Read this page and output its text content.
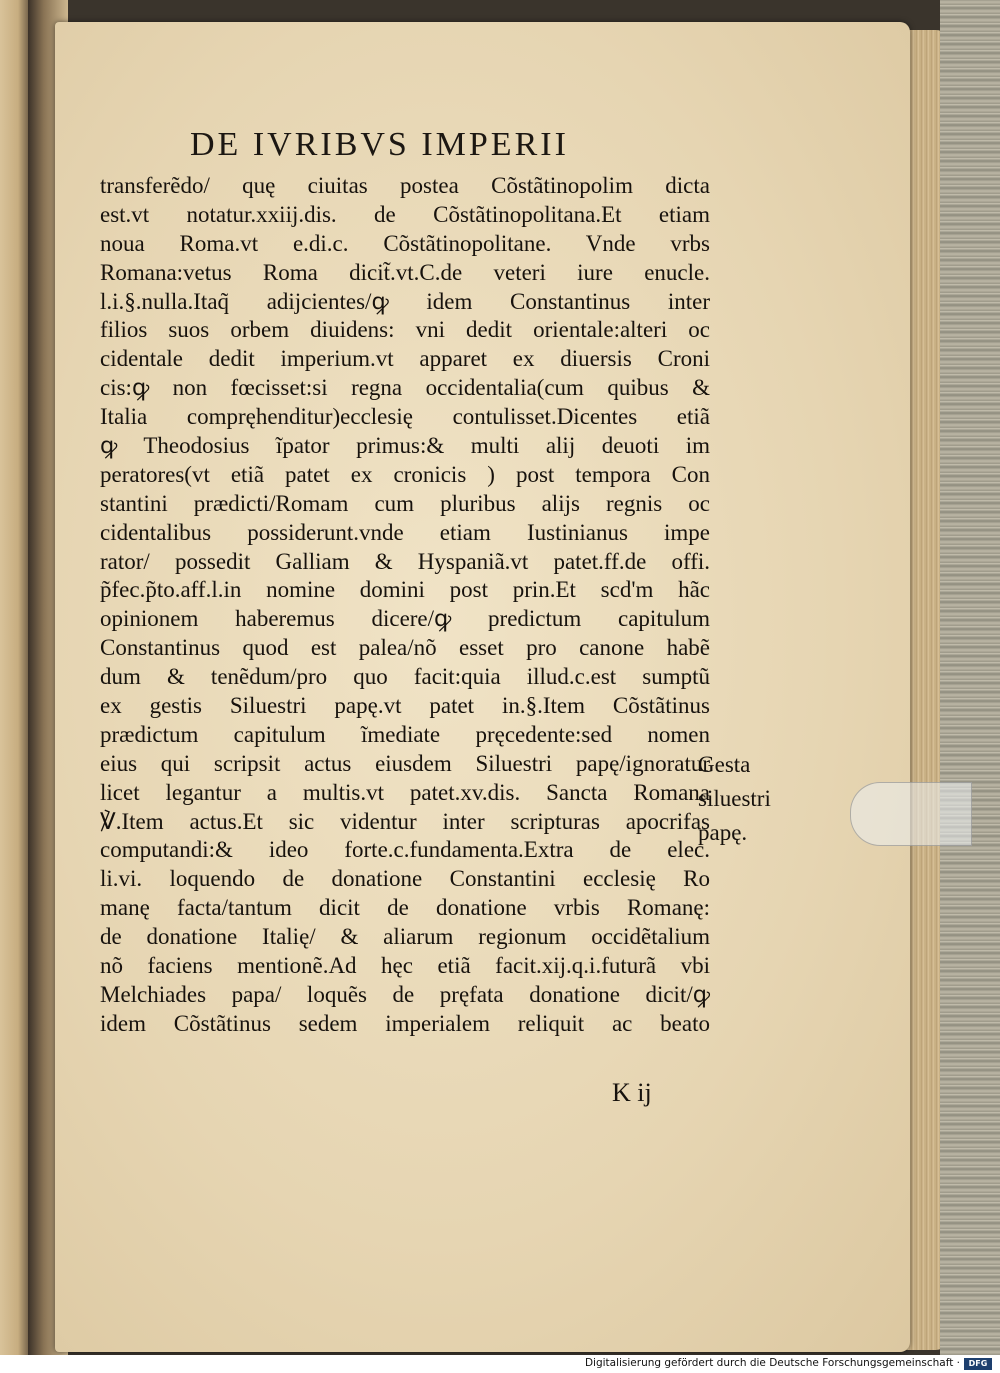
DE IVRIBVS IMPERII
transferẽdo/ quę ciuitas postea Cõstãtinopolim dicta
est.vt notatur.xxiij.dis. de Cõstãtinopolitana.Et etiam
noua Roma.vt e.di.c. Cõstãtinopolitane. Vnde vrbs
Romana:vetus Roma dicit̃.vt.C.de veteri iure enucle.
l.i.§.nulla.Itaq̃ adijcientes/ꝙ idem Constantinus inter
filios suos orbem diuidens: vni dedit orientale:alteri oc
cidentale dedit imperium.vt apparet ex diuersis Croni
cis:ꝙ non fœcisset:si regna occidentalia(cum quibus &
Italia compręhenditur)ecclesię contulisset.Dicentes etiã
ꝙ Theodosius ĩpator primus:& multi alij deuoti im
peratores(vt etiã patet ex cronicis ) post tempora Con
stantini prædicti/Romam cum pluribus alijs regnis oc
cidentalibus possiderunt.vnde etiam Iustinianus impe
rator/ possedit Galliam & Hyspaniã.vt patet.ff.de offi.
p̃fec.p̃to.aff.l.in nomine domini post prin.Et scd'm hãc
opinionem haberemus dicere/ꝙ predictum capitulum
Constantinus quod est palea/nõ esset pro canone habẽ
dum & tenẽdum/pro quo facit:quia illud.c.est sumptũ
ex gestis Siluestri papę.vt patet in.§.Item Cõstãtinus
prædictum capitulum ĩmediate pręcedente:sed nomen
eius qui scripsit actus eiusdem Siluestri papę/ignoratur
licet legantur a multis.vt patet.xv.dis. Sancta Romana
℣.Item actus.Et sic videntur inter scripturas apocrifas
computandi:& ideo forte.c.fundamenta.Extra de elec.
li.vi. loquendo de donatione Constantini ecclesię Ro
manę facta/tantum dicit de donatione vrbis Romanę:
de donatione Italię/ & aliarum regionum occidẽtalium
nõ faciens mentionẽ.Ad hęc etiã facit.xij.q.i.futurã vbi
Melchiades papa/ loquẽs de pręfata donatione dicit/ꝙ
idem Cõstãtinus sedem imperialem reliquit ac beato
Gesta
siluestri
papę.
K ij
Digitalisierung gefördert durch die Deutsche Forschungsgemeinschaft ·	DFG
